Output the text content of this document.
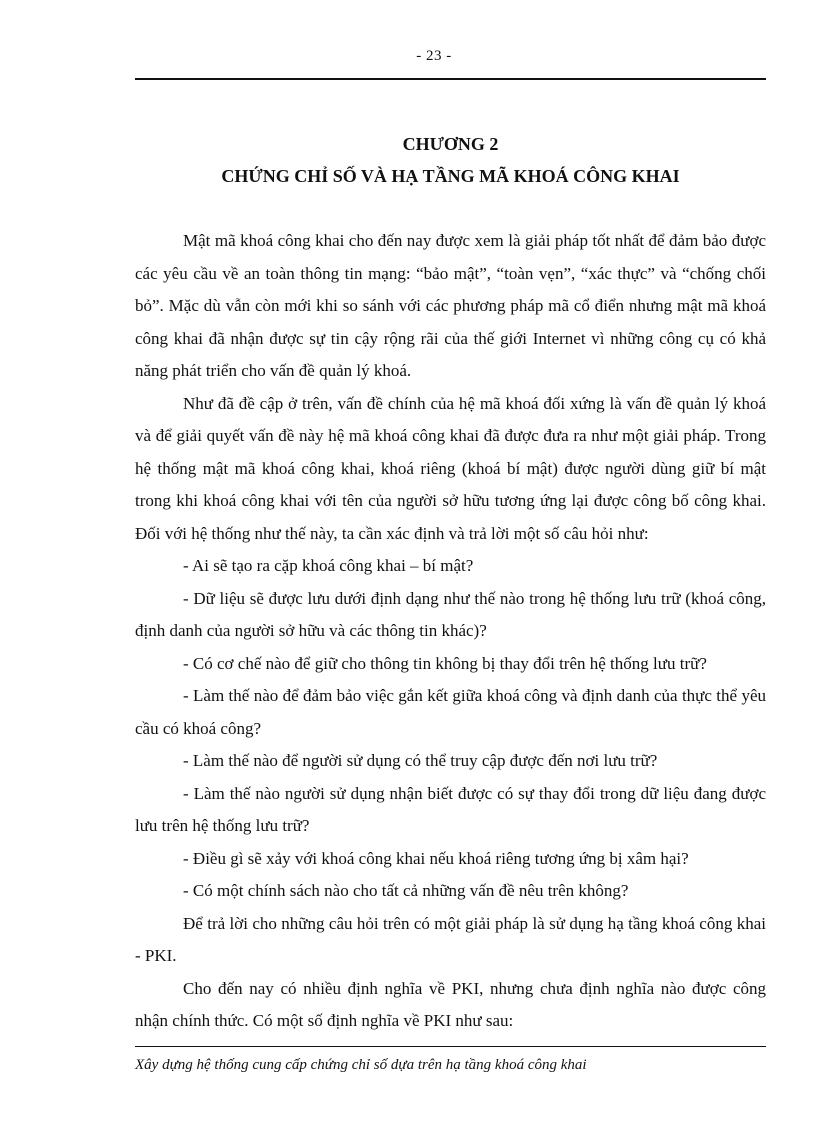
- 23 -
CHƯƠNG 2
CHỨNG CHỈ SỐ VÀ HẠ TẦNG MÃ KHOÁ CÔNG KHAI

Mật mã khoá công khai cho đến nay được xem là giải pháp tốt nhất để đảm bảo được các yêu cầu về an toàn thông tin mạng: “bảo mật”, “toàn vẹn”, “xác thực” và “chống chối bỏ”. Mặc dù vẫn còn mới khi so sánh với các phương pháp mã cổ điển nhưng mật mã khoá công khai đã nhận được sự tin cậy rộng rãi của thế giới Internet vì những công cụ có khả năng phát triển cho vấn đề quản lý khoá.

Như đã đề cập ở trên, vấn đề chính của hệ mã khoá đối xứng là vấn đề quản lý khoá và để giải quyết vấn đề này hệ mã khoá công khai đã được đưa ra như một giải pháp. Trong hệ thống mật mã khoá công khai, khoá riêng (khoá bí mật) được người dùng giữ bí mật trong khi khoá công khai với tên của người sở hữu tương ứng lại được công bố công khai. Đối với hệ thống như thế này, ta cần xác định và trả lời một số câu hỏi như:

- Ai sẽ tạo ra cặp khoá công khai – bí mật?

- Dữ liệu sẽ được lưu dưới định dạng như thế nào trong hệ thống lưu trữ (khoá công, định danh của người sở hữu và các thông tin khác)?

- Có cơ chế nào để giữ cho thông tin không bị thay đổi trên hệ thống lưu trữ?

- Làm thế nào để đảm bảo việc gắn kết giữa khoá công và định danh của thực thể yêu cầu có khoá công?

- Làm thế nào để người sử dụng có thể truy cập được đến nơi lưu trữ?

- Làm thế nào người sử dụng nhận biết được có sự thay đổi trong dữ liệu đang được lưu trên hệ thống lưu trữ?

- Điều gì sẽ xảy với khoá công khai nếu khoá riêng tương ứng bị xâm hại?

- Có một chính sách nào cho tất cả những vấn đề nêu trên không?

Để trả lời cho những câu hỏi trên có một giải pháp là sử dụng hạ tầng khoá công khai - PKI.

Cho đến nay có nhiều định nghĩa về PKI, nhưng chưa định nghĩa nào được công nhận chính thức. Có một số định nghĩa về PKI như sau:

Xây dựng hệ thống cung cấp chứng chỉ số dựa trên hạ tầng khoá công khai
